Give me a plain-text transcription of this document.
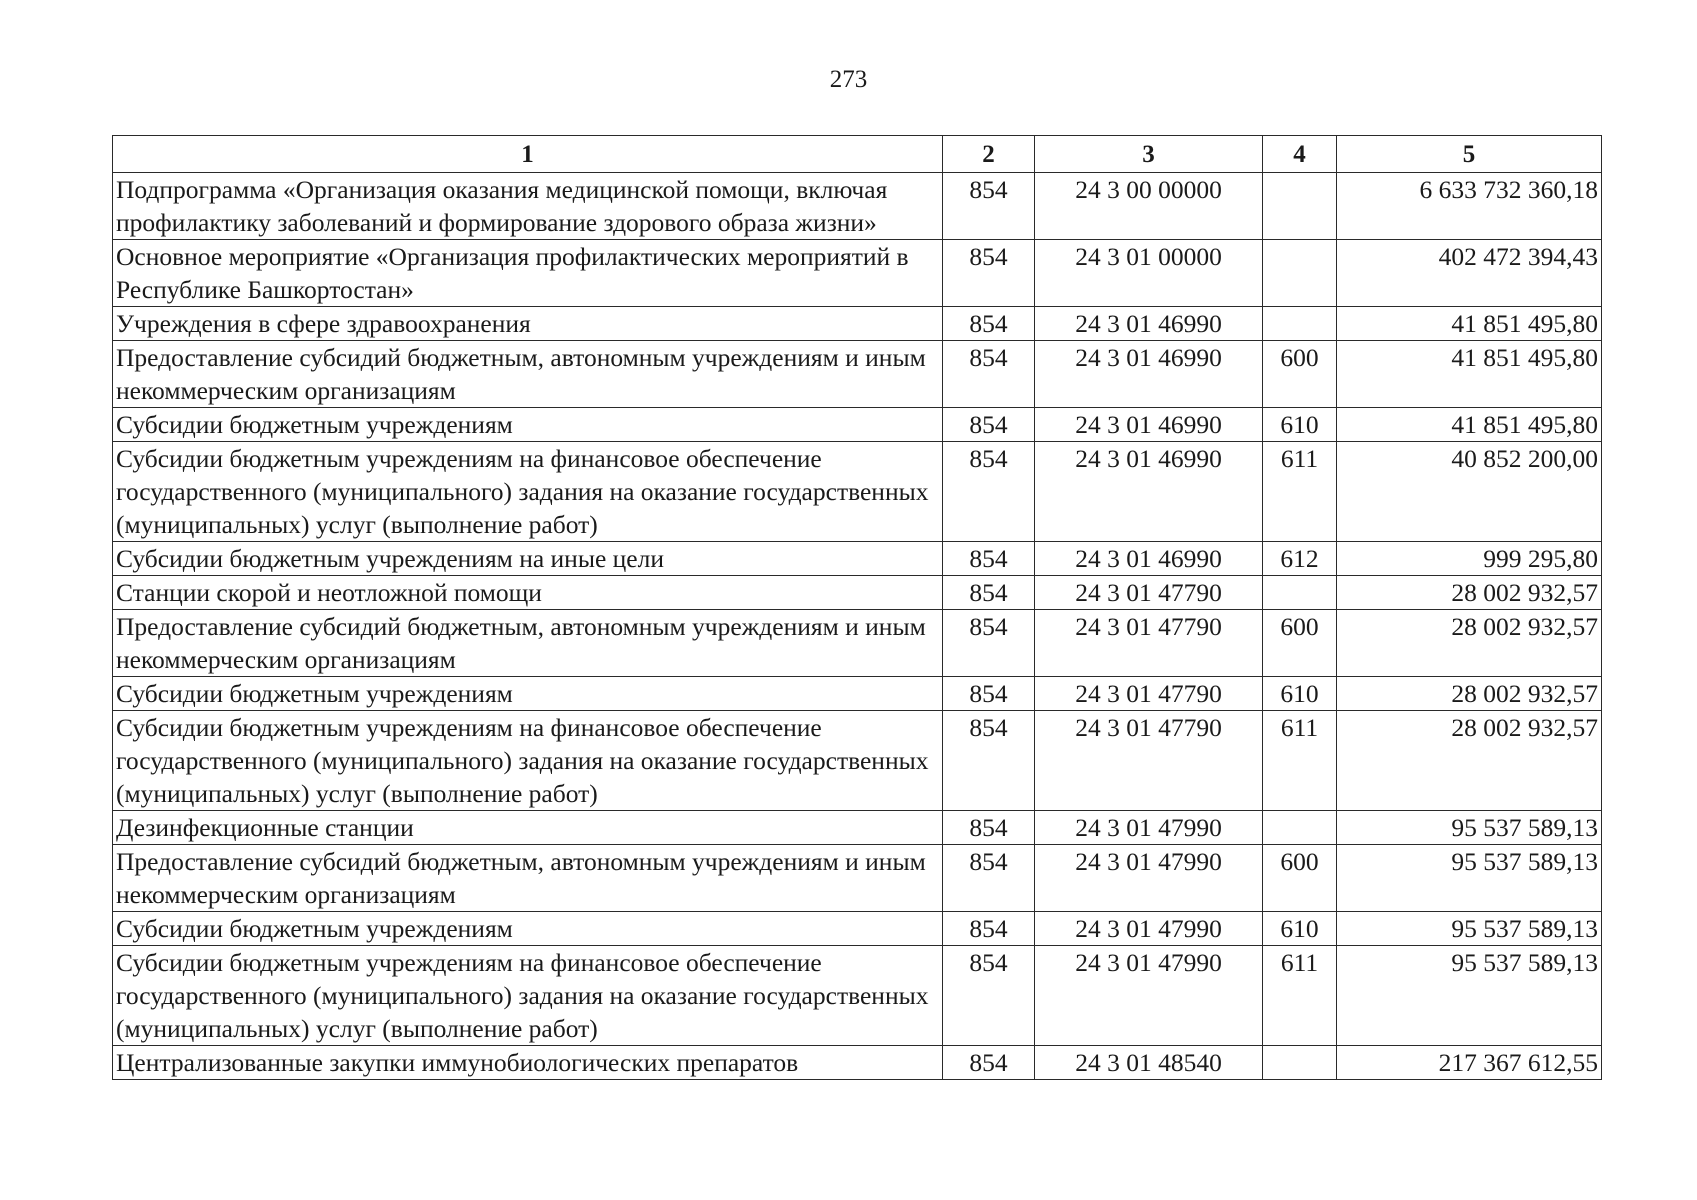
273
1	2	3	4	5
Подпрограмма «Организация оказания медицинской помощи, включая профилактику заболеваний и формирование здорового образа жизни»	854	24 3 00 00000		6 633 732 360,18
Основное мероприятие «Организация профилактических мероприятий в Республике Башкортостан»	854	24 3 01 00000		402 472 394,43
Учреждения в сфере здравоохранения	854	24 3 01 46990		41 851 495,80
Предоставление субсидий бюджетным, автономным учреждениям и иным некоммерческим организациям	854	24 3 01 46990	600	41 851 495,80
Субсидии бюджетным учреждениям	854	24 3 01 46990	610	41 851 495,80
Субсидии бюджетным учреждениям на финансовое обеспечение государственного (муниципального) задания на оказание государственных (муниципальных) услуг (выполнение работ)	854	24 3 01 46990	611	40 852 200,00
Субсидии бюджетным учреждениям на иные цели	854	24 3 01 46990	612	999 295,80
Станции скорой и неотложной помощи	854	24 3 01 47790		28 002 932,57
Предоставление субсидий бюджетным, автономным учреждениям и иным некоммерческим организациям	854	24 3 01 47790	600	28 002 932,57
Субсидии бюджетным учреждениям	854	24 3 01 47790	610	28 002 932,57
Субсидии бюджетным учреждениям на финансовое обеспечение государственного (муниципального) задания на оказание государственных (муниципальных) услуг (выполнение работ)	854	24 3 01 47790	611	28 002 932,57
Дезинфекционные станции	854	24 3 01 47990		95 537 589,13
Предоставление субсидий бюджетным, автономным учреждениям и иным некоммерческим организациям	854	24 3 01 47990	600	95 537 589,13
Субсидии бюджетным учреждениям	854	24 3 01 47990	610	95 537 589,13
Субсидии бюджетным учреждениям на финансовое обеспечение государственного (муниципального) задания на оказание государственных (муниципальных) услуг (выполнение работ)	854	24 3 01 47990	611	95 537 589,13
Централизованные закупки иммунобиологических препаратов	854	24 3 01 48540		217 367 612,55
